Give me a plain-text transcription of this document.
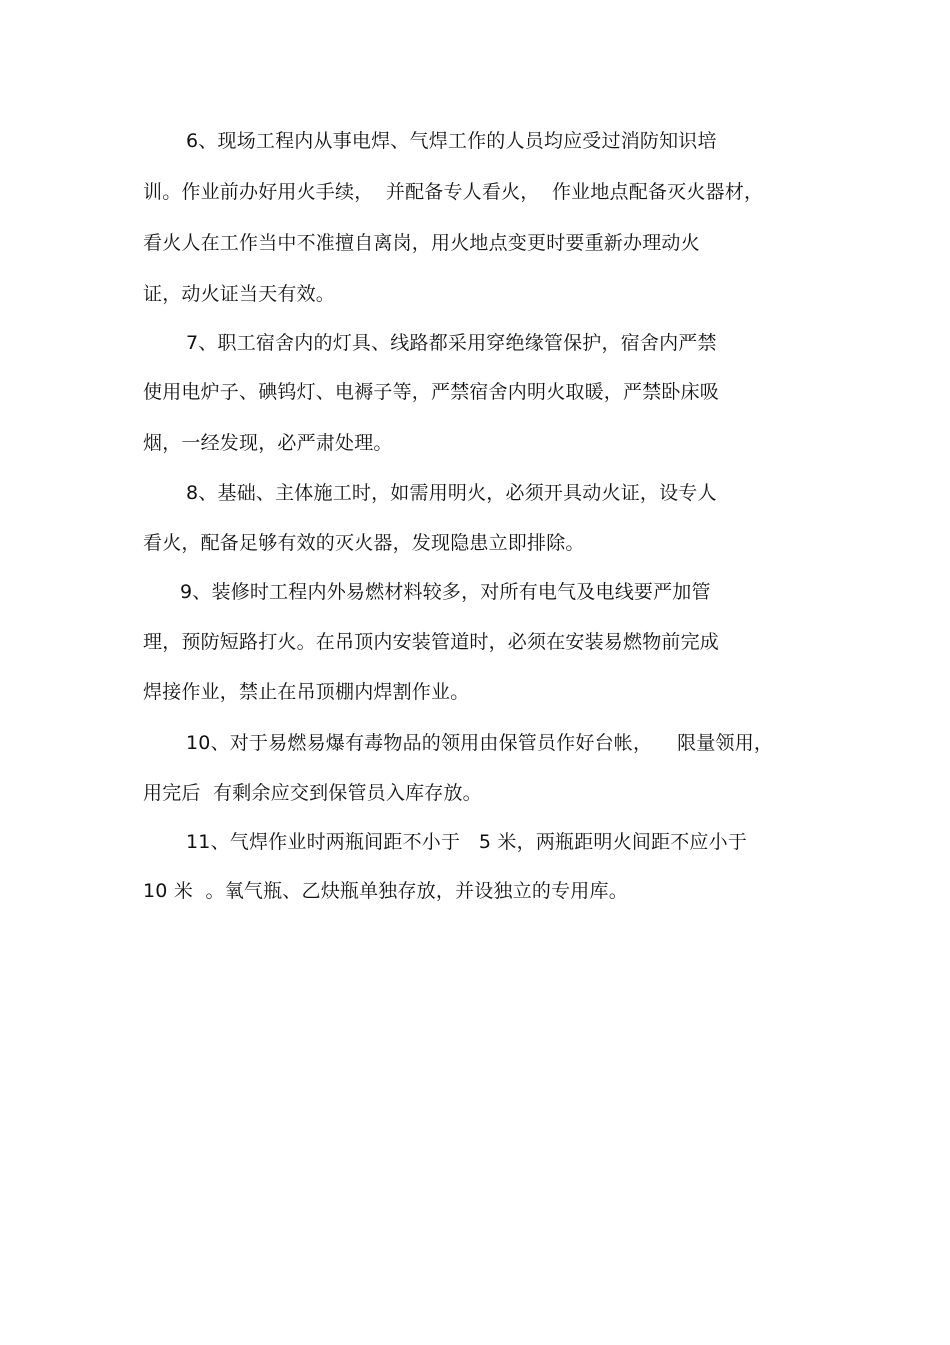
6、现场工程内从事电焊、气焊工作的人员均应受过消防知识培
训。作业前办好用火手续，  并配备专人看火，  作业地点配备灭火器材，
看火人在工作当中不准擅自离岗，用火地点变更时要重新办理动火
证，动火证当天有效。
7、职工宿舍内的灯具、线路都采用穿绝缘管保护，宿舍内严禁
使用电炉子、碘钨灯、电褥子等，严禁宿舍内明火取暖，严禁卧床吸
烟，一经发现，必严肃处理。
8、基础、主体施工时，如需用明火，必须开具动火证，设专人
看火，配备足够有效的灭火器，发现隐患立即排除。
9、装修时工程内外易燃材料较多，对所有电气及电线要严加管
理，预防短路打火。在吊顶内安装管道时，必须在安装易燃物前完成
焊接作业，禁止在吊顶棚内焊割作业。
10、对于易燃易爆有毒物品的领用由保管员作好台帐，    限量领用，
用完后  有剩余应交到保管员入库存放。
11、气焊作业时两瓶间距不小于   5 米，两瓶距明火间距不应小于
10 米  。氧气瓶、乙炔瓶单独存放，并设独立的专用库。
